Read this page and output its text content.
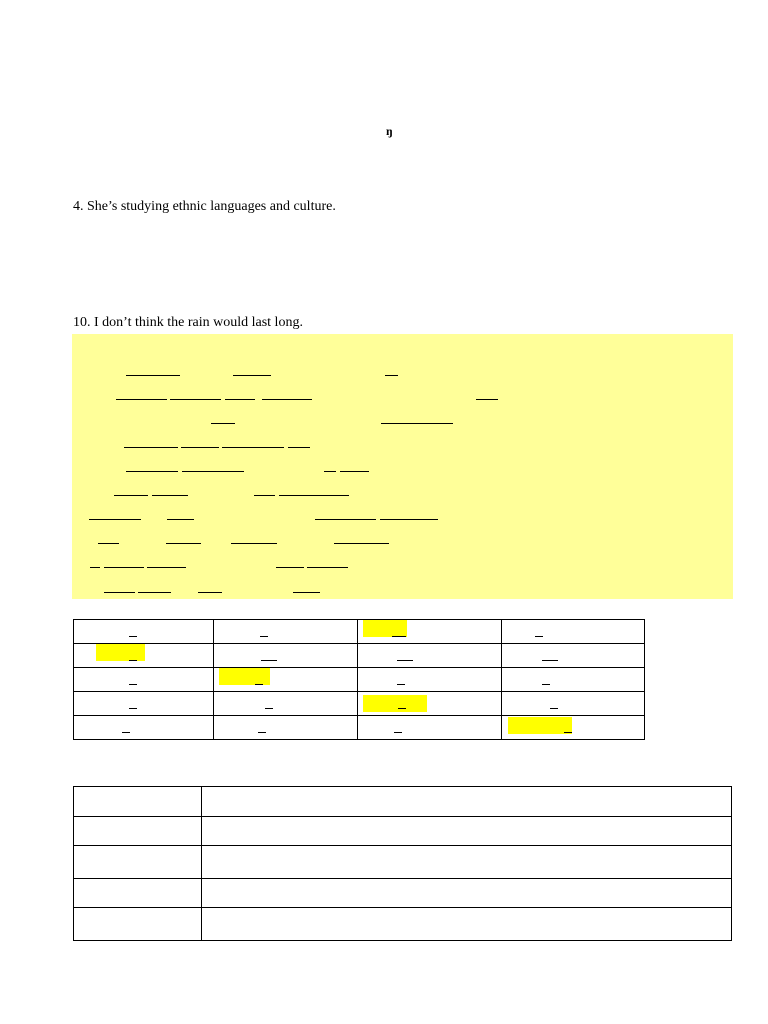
ŋ
4. She’s studying ethnic languages and culture.
10. I don’t think the rain would last long.
